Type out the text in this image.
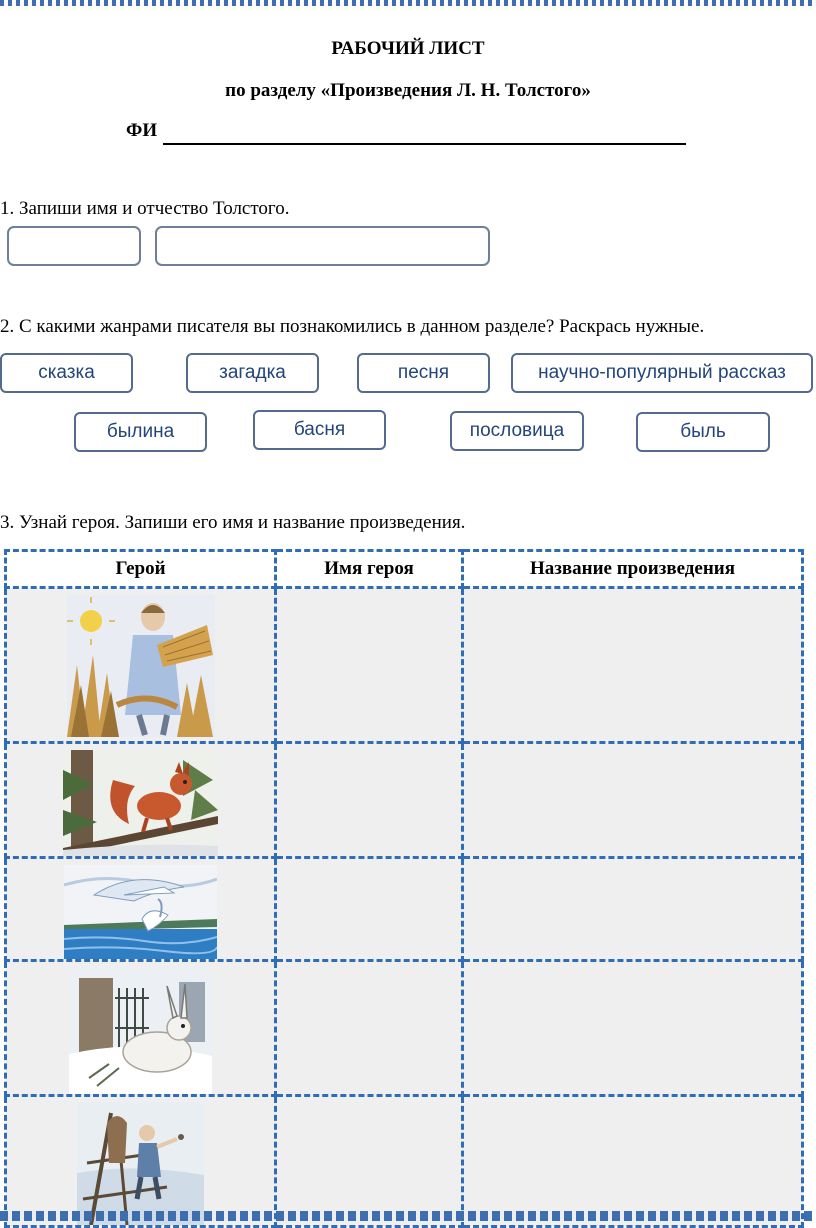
РАБОЧИЙ ЛИСТ
по разделу «Произведения Л. Н. Толстого»
ФИ
1. Запиши имя и отчество Толстого.
2. С какими жанрами писателя вы познакомились в данном разделе? Раскрась нужные.
сказка	загадка	песня	научно-популярный рассказ
былина	басня	пословица	быль
3. Узнай героя. Запиши его имя и название произведения.
Герой	Имя героя	Название произведения
